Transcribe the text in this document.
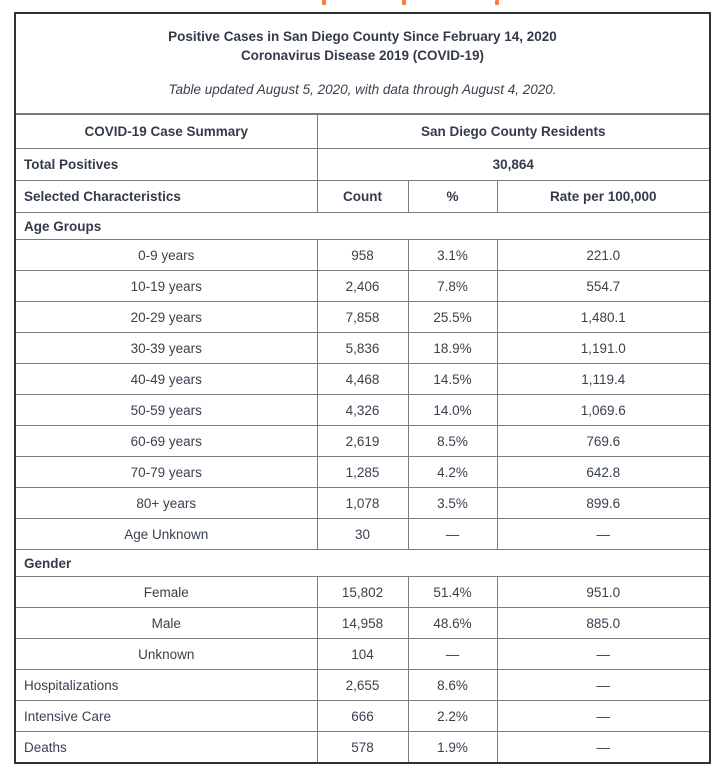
Positive Cases in San Diego County Since February 14, 2020
Coronavirus Disease 2019 (COVID-19)
Table updated August 5, 2020, with data through August 4, 2020.
COVID-19 Case Summary	San Diego County Residents		
Total Positives	30,864		
Selected Characteristics	Count	%	Rate per 100,000
Age Groups			
0-9 years	958	3.1%	221.0
10-19 years	2,406	7.8%	554.7
20-29 years	7,858	25.5%	1,480.1
30-39 years	5,836	18.9%	1,191.0
40-49 years	4,468	14.5%	1,119.4
50-59 years	4,326	14.0%	1,069.6
60-69 years	2,619	8.5%	769.6
70-79 years	1,285	4.2%	642.8
80+ years	1,078	3.5%	899.6
Age Unknown	30	—	—
Gender			
Female	15,802	51.4%	951.0
Male	14,958	48.6%	885.0
Unknown	104	—	—
Hospitalizations	2,655	8.6%	—
Intensive Care	666	2.2%	—
Deaths	578	1.9%	—
